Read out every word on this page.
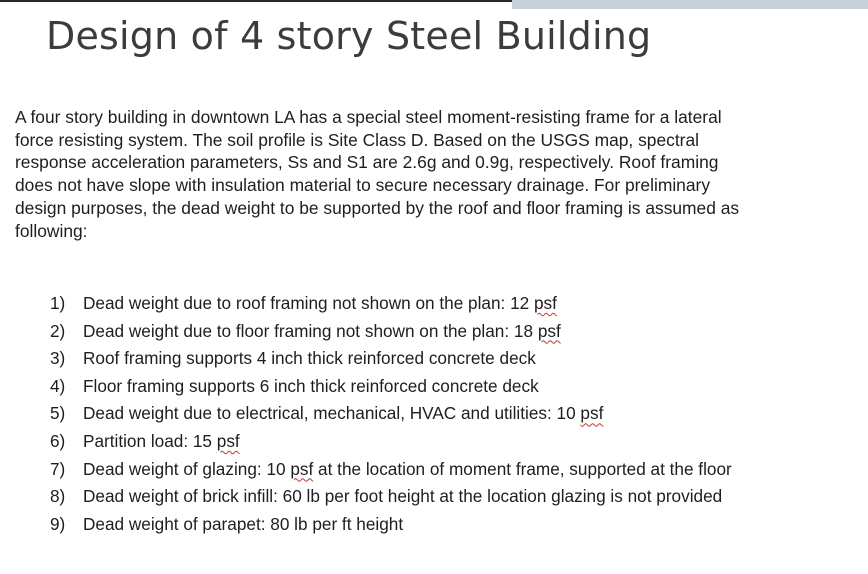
Design of 4 story Steel Building
A four story building in downtown LA has a special steel moment-resisting frame for a lateral
force resisting system. The soil profile is Site Class D. Based on the USGS map, spectral
response acceleration parameters, Ss and S1 are 2.6g and 0.9g, respectively. Roof framing
does not have slope with insulation material to secure necessary drainage. For preliminary
design purposes, the dead weight to be supported by the roof and floor framing is assumed as
following:
1) Dead weight due to roof framing not shown on the plan: 12 psf
2) Dead weight due to floor framing not shown on the plan: 18 psf
3) Roof framing supports 4 inch thick reinforced concrete deck
4) Floor framing supports 6 inch thick reinforced concrete deck
5) Dead weight due to electrical, mechanical, HVAC and utilities: 10 psf
6) Partition load: 15 psf
7) Dead weight of glazing: 10 psf at the location of moment frame, supported at the floor
8) Dead weight of brick infill: 60 lb per foot height at the location glazing is not provided
9) Dead weight of parapet: 80 lb per ft height
